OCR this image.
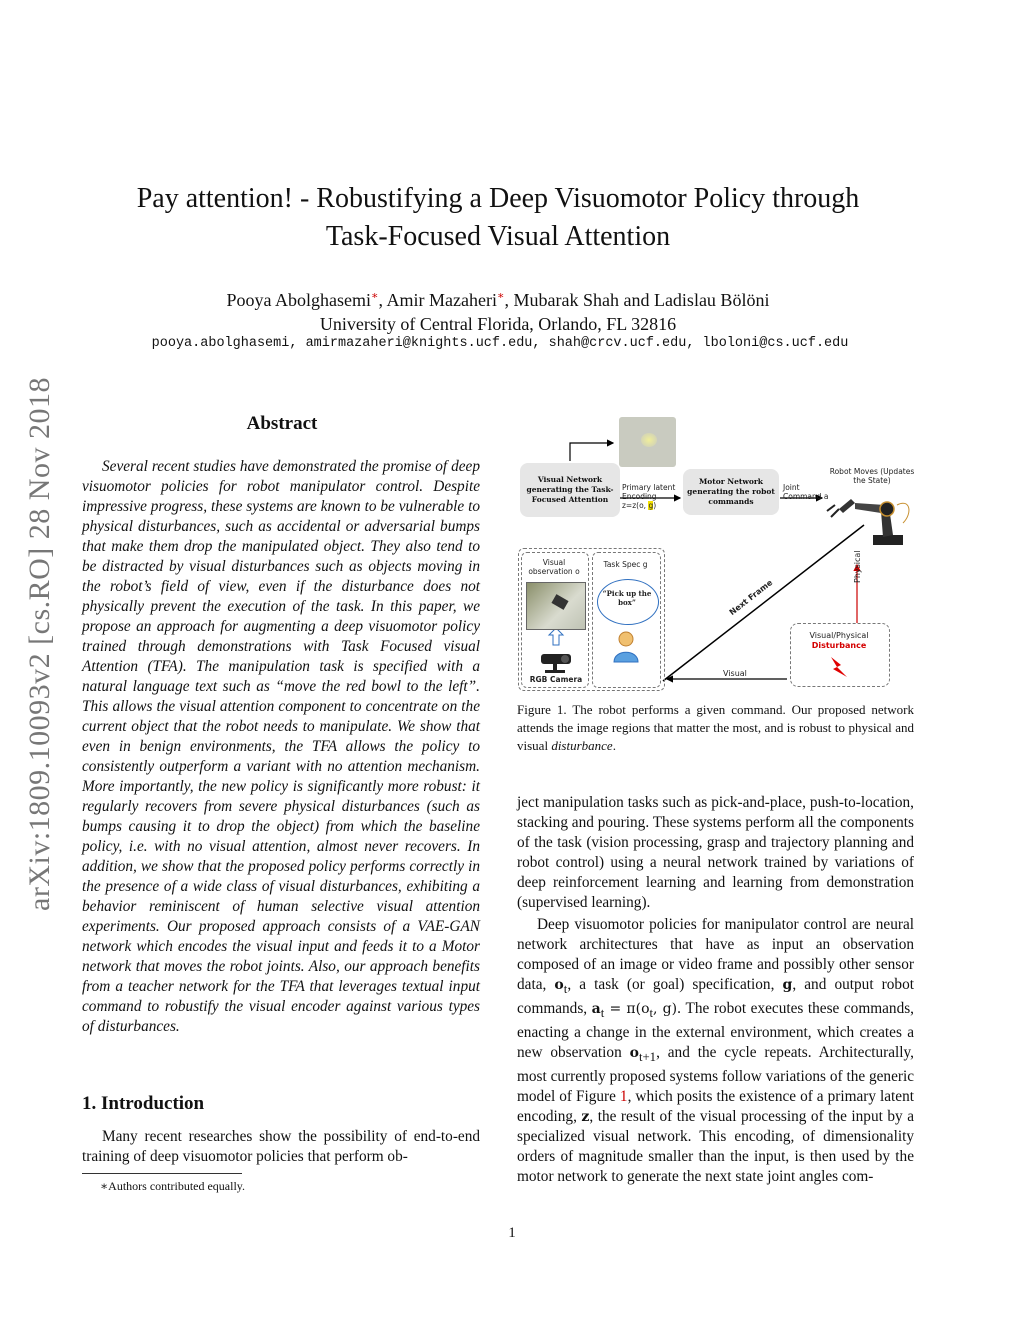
arXiv:1809.10093v2 [cs.RO] 28 Nov 2018
Pay attention! - Robustifying a Deep Visuomotor Policy through
Task-Focused Visual Attention
Pooya Abolghasemi∗, Amir Mazaheri∗, Mubarak Shah and Ladislau Bölöni
University of Central Florida, Orlando, FL 32816
pooya.abolghasemi, amirmazaheri@knights.ucf.edu, shah@crcv.ucf.edu, lboloni@cs.ucf.edu
Abstract
Several recent studies have demonstrated the promise of deep visuomotor policies for robot manipulator control. Despite impressive progress, these systems are known to be vulnerable to physical disturbances, such as accidental or adversarial bumps that make them drop the manipulated object. They also tend to be distracted by visual disturbances such as objects moving in the robot’s field of view, even if the disturbance does not physically prevent the execution of the task. In this paper, we propose an approach for augmenting a deep visuomotor policy trained through demonstrations with Task Focused visual Attention (TFA). The manipulation task is specified with a natural language text such as “move the red bowl to the left”. This allows the visual attention component to concentrate on the current object that the robot needs to manipulate. We show that even in benign environments, the TFA allows the policy to consistently outperform a variant with no attention mechanism. More importantly, the new policy is significantly more robust: it regularly recovers from severe physical disturbances (such as bumps causing it to drop the object) from which the baseline policy, i.e. with no visual attention, almost never recovers. In addition, we show that the proposed policy performs correctly in the presence of a wide class of visual disturbances, exhibiting a behavior reminiscent of human selective visual attention experiments. Our proposed approach consists of a VAE-GAN network which encodes the visual input and feeds it to a Motor network that moves the robot joints. Also, our approach benefits from a teacher network for the TFA that leverages textual input command to robustify the visual encoder against various types of disturbances.
1. Introduction
Many recent researches show the possibility of end-to-end training of deep visuomotor policies that perform ob-
∗Authors contributed equally.
Visual Network generating the Task-Focused Attention
Primary latent Encoding
z=z(o, g)
Motor Network generating the robot commands
Joint Command a
Robot Moves (Updates the State)
Visual observation o
Task Spec g
RGB Camera
“Pick up the box”	Next Frame
Physical
Visual/Physical
Disturbance
Visual
Figure 1. The robot performs a given command. Our proposed network attends the image regions that matter the most, and is robust to physical and visual disturbance.
ject manipulation tasks such as pick-and-place, push-to-location, stacking and pouring. These systems perform all the components of the task (vision processing, grasp and trajectory planning and robot control) using a neural network trained by variations of deep reinforcement learning and learning from demonstration (supervised learning).
Deep visuomotor policies for manipulator control are neural network architectures that have as input an observation composed of an image or video frame and possibly other sensor data, $o_t$, a task (or goal) specification, g, and output robot commands, $a_t = \pi(o_t$, g). The robot executes these commands, enacting a change in the external environment, which creates a new observation $o_{t+1}$, and the cycle repeats. Architecturally, most currently proposed systems follow variations of the generic model of Figure 1, which posits the existence of a primary latent encoding, z, the result of the visual processing of the input by a specialized visual network. This encoding, of dimensionality orders of magnitude smaller than the input, is then used by the motor network to generate the next state joint angles com-
1
